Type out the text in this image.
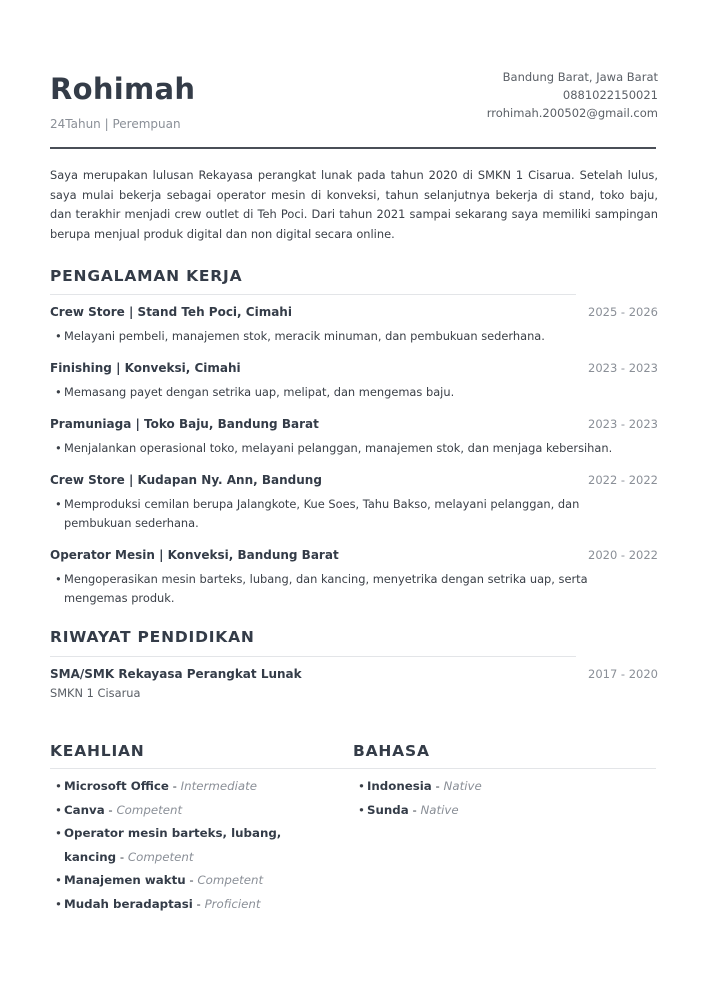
Rohimah
24Tahun | Perempuan
Bandung Barat, Jawa Barat
0881022150021
rrohimah.200502@gmail.com

Saya merupakan lulusan Rekayasa perangkat lunak pada tahun 2020 di SMKN 1 Cisarua. Setelah lulus, saya mulai bekerja sebagai operator mesin di konveksi, tahun selanjutnya bekerja di stand, toko baju, dan terakhir menjadi crew outlet di Teh Poci. Dari tahun 2021 sampai sekarang saya memiliki sampingan berupa menjual produk digital dan non digital secara online.

PENGALAMAN KERJA
Crew Store | Stand Teh Poci, Cimahi	2025 - 2026
• Melayani pembeli, manajemen stok, meracik minuman, dan pembukuan sederhana.
Finishing | Konveksi, Cimahi	2023 - 2023
• Memasang payet dengan setrika uap, melipat, dan mengemas baju.
Pramuniaga | Toko Baju, Bandung Barat	2023 - 2023
• Menjalankan operasional toko, melayani pelanggan, manajemen stok, dan menjaga kebersihan.
Crew Store | Kudapan Ny. Ann, Bandung	2022 - 2022
• Memproduksi cemilan berupa Jalangkote, Kue Soes, Tahu Bakso, melayani pelanggan, dan pembukuan sederhana.
Operator Mesin | Konveksi, Bandung Barat	2020 - 2022
• Mengoperasikan mesin barteks, lubang, dan kancing, menyetrika dengan setrika uap, serta mengemas produk.
RIWAYAT PENDIDIKAN
SMA/SMK Rekayasa Perangkat Lunak	2017 - 2020
SMKN 1 Cisarua
KEAHLIAN	BAHASA
• Microsoft Office - Intermediate
• Canva - Competent
• Operator mesin barteks, lubang, kancing - Competent
• Manajemen waktu - Competent
• Mudah beradaptasi - Proficient
• Indonesia - Native
• Sunda - Native
